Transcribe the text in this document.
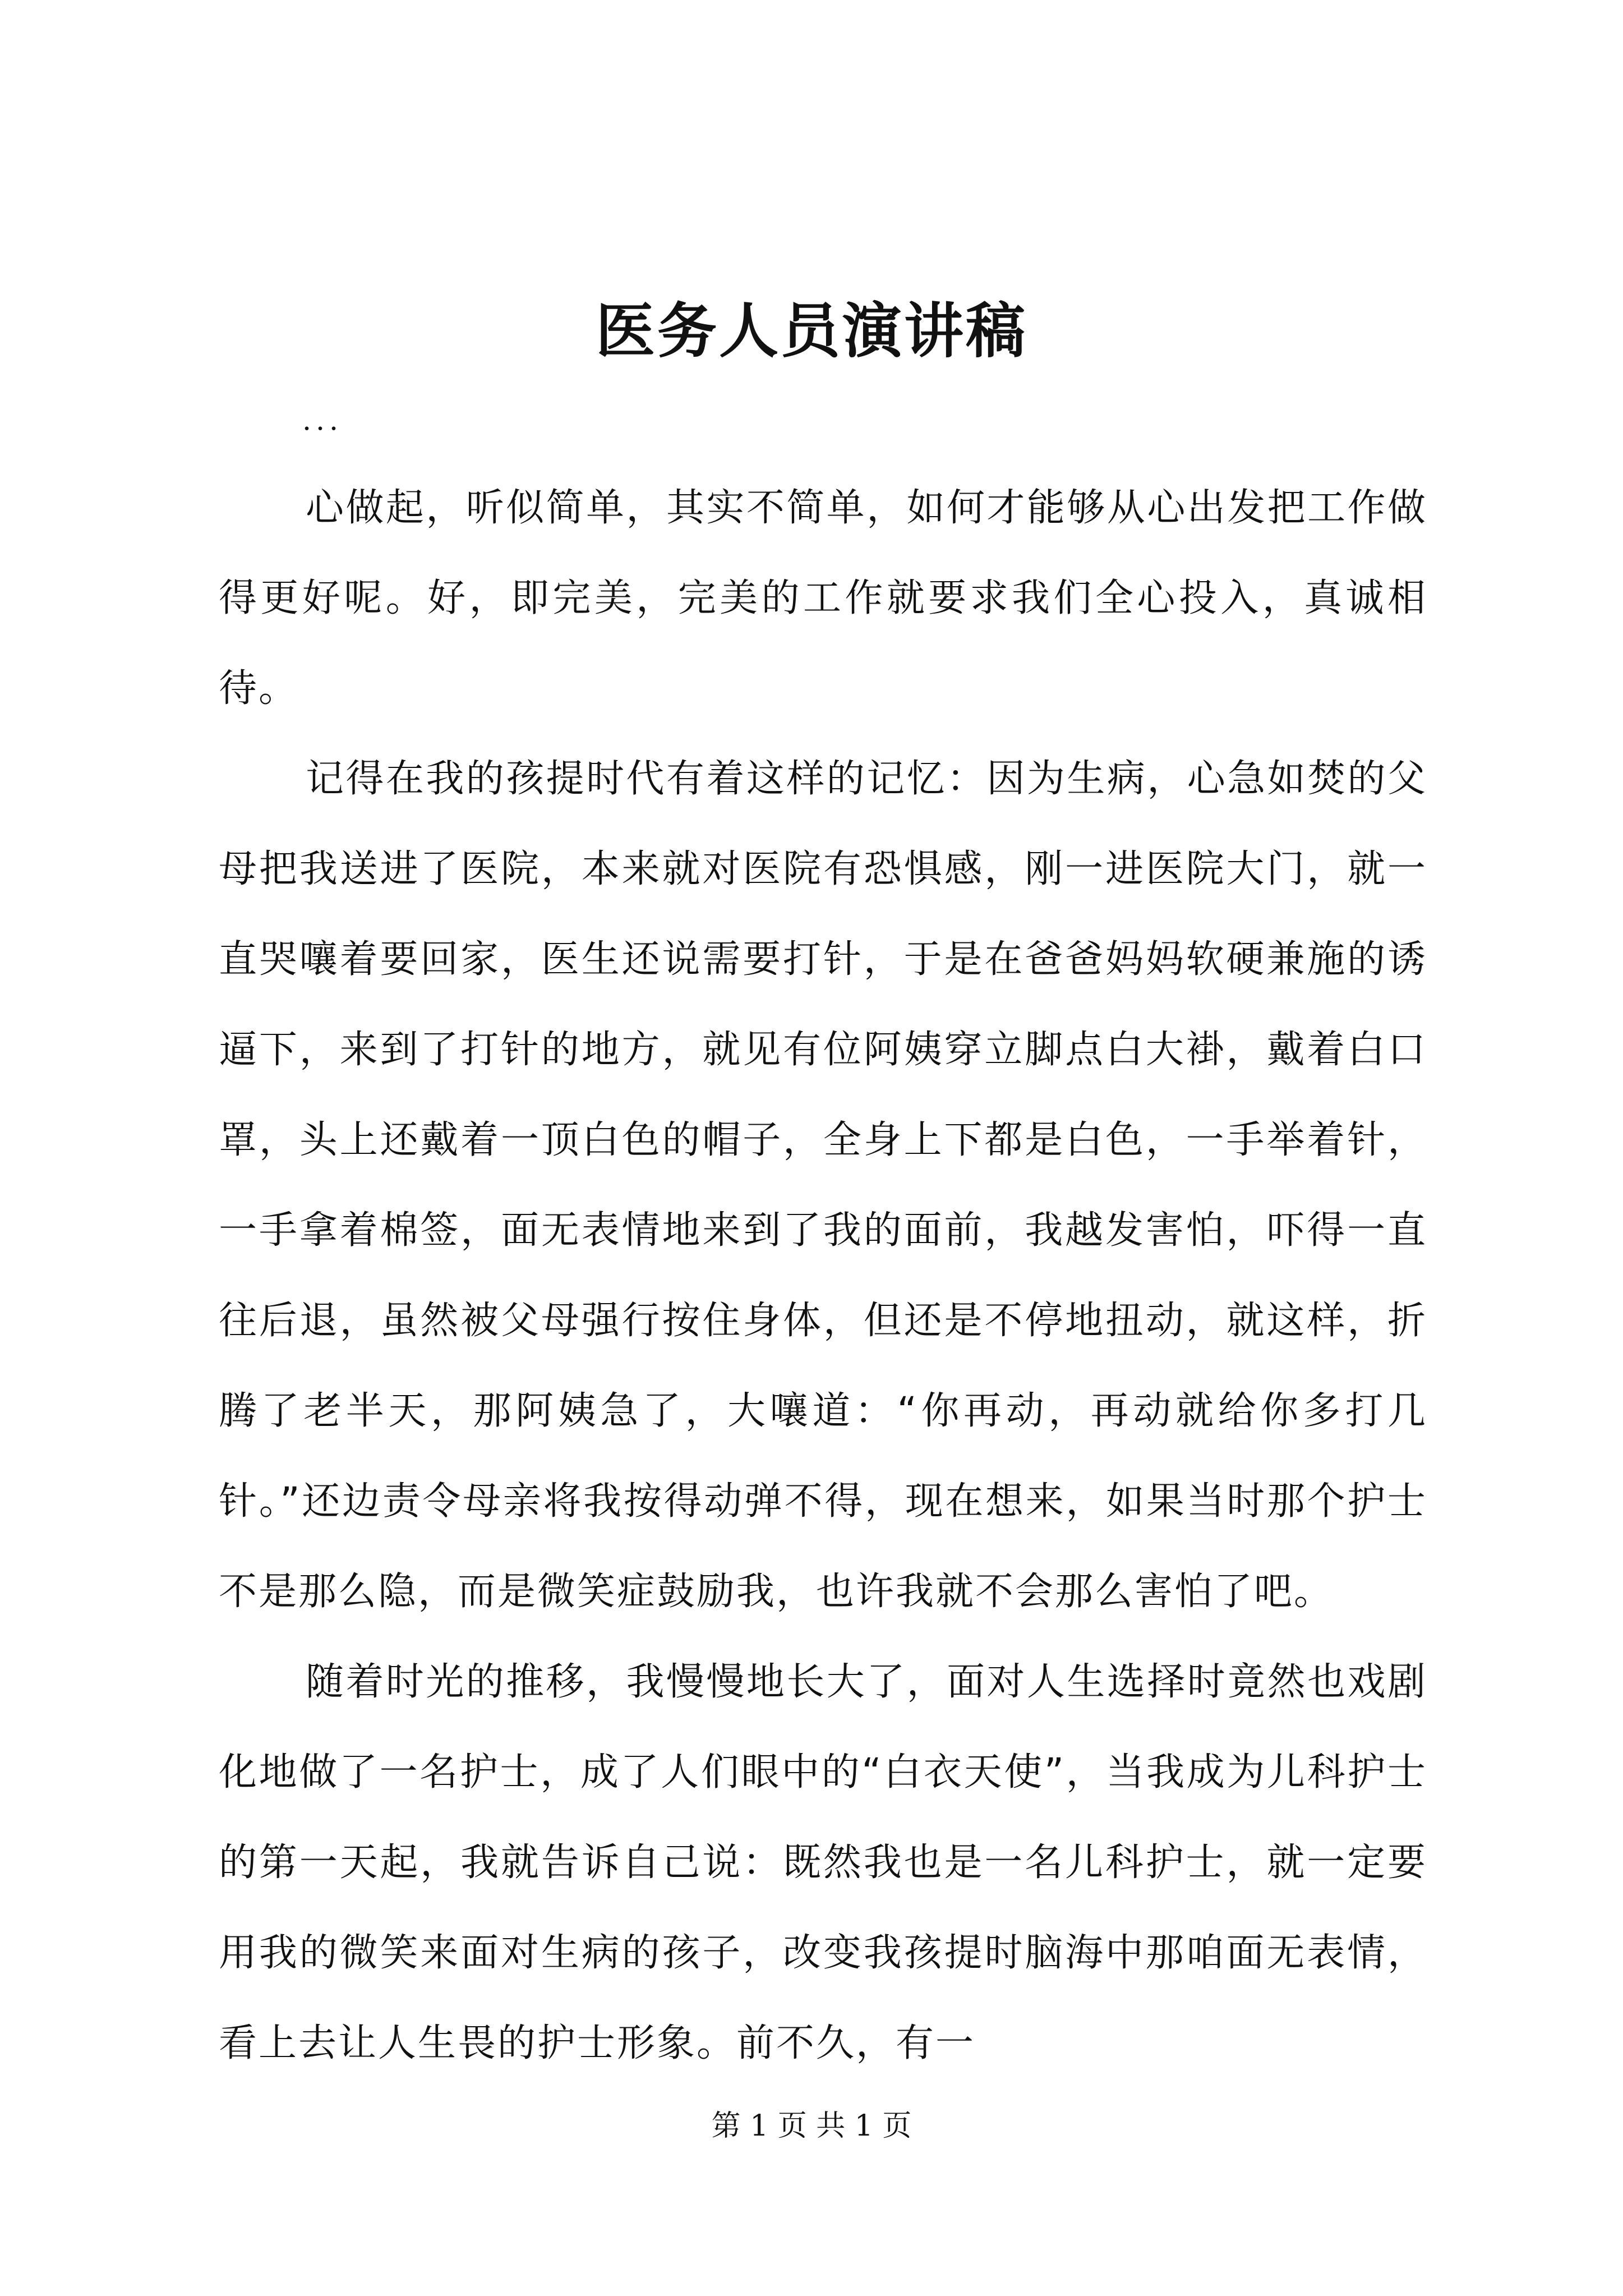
医务人员演讲稿

...

心做起，听似简单，其实不简单，如何才能够从心出发把工作做得更好呢。好，即完美，完美的工作就要求我们全心投入，真诚相待。

记得在我的孩提时代有着这样的记忆：因为生病，心急如焚的父母把我送进了医院，本来就对医院有恐惧感，刚一进医院大门，就一直哭嚷着要回家，医生还说需要打针，于是在爸爸妈妈软硬兼施的诱逼下，来到了打针的地方，就见有位阿姨穿立脚点白大褂，戴着白口罩，头上还戴着一顶白色的帽子，全身上下都是白色，一手举着针，一手拿着棉签，面无表情地来到了我的面前，我越发害怕，吓得一直往后退，虽然被父母强行按住身体，但还是不停地扭动，就这样，折腾了老半天，那阿姨急了，大嚷道：“你再动，再动就给你多打几针。”还边责令母亲将我按得动弹不得，现在想来，如果当时那个护士不是那么隐，而是微笑症鼓励我，也许我就不会那么害怕了吧。

随着时光的推移，我慢慢地长大了，面对人生选择时竟然也戏剧化地做了一名护士，成了人们眼中的“白衣天使”，当我成为儿科护士的第一天起，我就告诉自己说：既然我也是一名儿科护士，就一定要用我的微笑来面对生病的孩子，改变我孩提时脑海中那咱面无表情，看上去让人生畏的护士形象。前不久，有一

第 1 页 共 1 页
